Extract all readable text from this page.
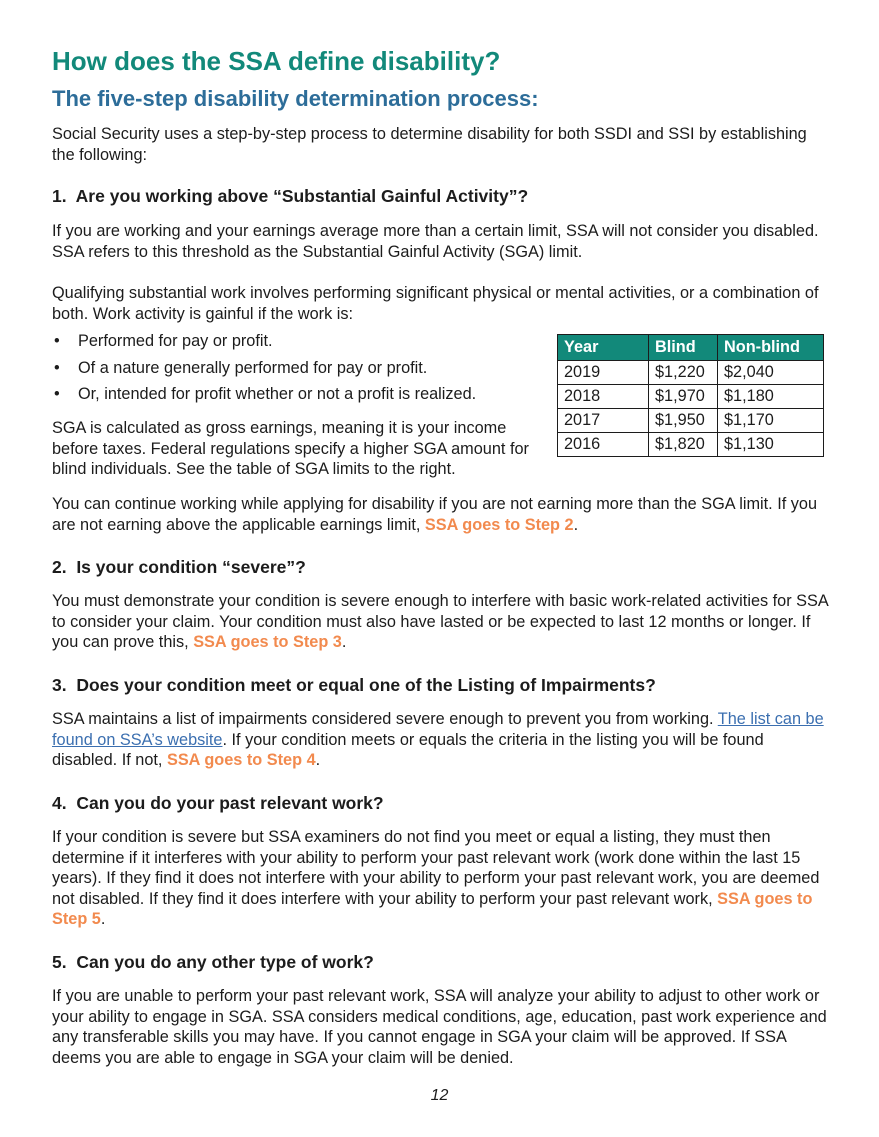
How does the SSA define disability?
The five-step disability determination process:

Social Security uses a step-by-step process to determine disability for both SSDI and SSI by establishing the following:

1.  Are you working above “Substantial Gainful Activity”?

If you are working and your earnings average more than a certain limit, SSA will not consider you disabled. SSA refers to this threshold as the Substantial Gainful Activity (SGA) limit.

Qualifying substantial work involves performing significant physical or mental activities, or a combination of both. Work activity is gainful if the work is:

• Performed for pay or profit.
• Of a nature generally performed for pay or profit.
• Or, intended for profit whether or not a profit is realized.
Year	Blind	Non-blind
2019	$1,220	$2,040
2018	$1,970	$1,180
2017	$1,950	$1,170
2016	$1,820	$1,130

SGA is calculated as gross earnings, meaning it is your income before taxes. Federal regulations specify a higher SGA amount for blind individuals. See the table of SGA limits to the right.

You can continue working while applying for disability if you are not earning more than the SGA limit. If you are not earning above the applicable earnings limit, SSA goes to Step 2.

2.  Is your condition “severe”?

You must demonstrate your condition is severe enough to interfere with basic work-related activities for SSA to consider your claim. Your condition must also have lasted or be expected to last 12 months or longer. If you can prove this, SSA goes to Step 3.

3.  Does your condition meet or equal one of the Listing of Impairments?

SSA maintains a list of impairments considered severe enough to prevent you from working. The list can be found on SSA’s website. If your condition meets or equals the criteria in the listing you will be found disabled. If not, SSA goes to Step 4.

4.  Can you do your past relevant work?

If your condition is severe but SSA examiners do not find you meet or equal a listing, they must then determine if it interferes with your ability to perform your past relevant work (work done within the last 15 years). If they find it does not interfere with your ability to perform your past relevant work, you are deemed not disabled. If they find it does interfere with your ability to perform your past relevant work, SSA goes to Step 5.

5.  Can you do any other type of work?

If you are unable to perform your past relevant work, SSA will analyze your ability to adjust to other work or your ability to engage in SGA. SSA considers medical conditions, age, education, past work experience and any transferable skills you may have. If you cannot engage in SGA your claim will be approved. If SSA deems you are able to engage in SGA your claim will be denied.

12
